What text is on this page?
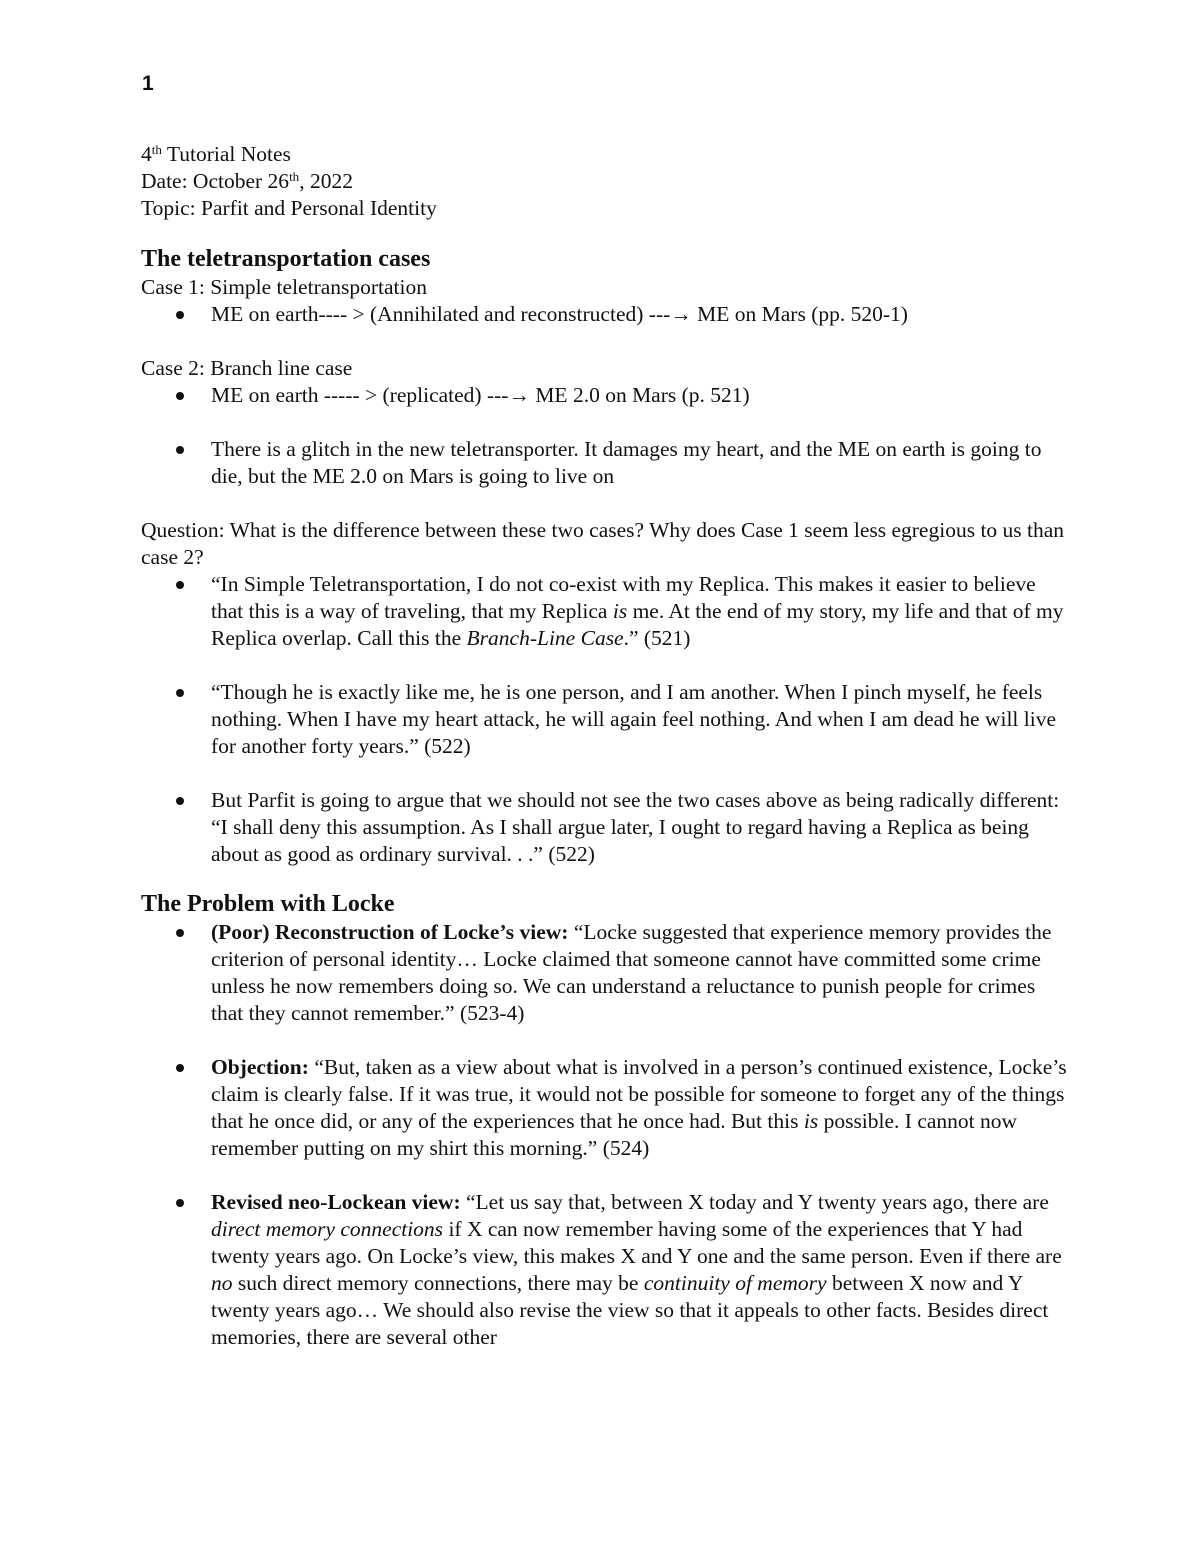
1

4th Tutorial Notes

Date: October 26th, 2022

Topic: Parfit and Personal Identity

The teletransportation cases

Case 1: Simple teletransportation

ME on earth---- > (Annihilated and reconstructed) ---→ ME on Mars (pp. 520-1)

Case 2: Branch line case

ME on earth ----- > (replicated) ---→ ME 2.0 on Mars (p. 521)
There is a glitch in the new teletransporter. It damages my heart, and the ME on earth is going to die, but the ME 2.0 on Mars is going to live on

Question: What is the difference between these two cases? Why does Case 1 seem less egregious to us than case 2?

“In Simple Teletransportation, I do not co-exist with my Replica. This makes it easier to believe that this is a way of traveling, that my Replica is me. At the end of my story, my life and that of my Replica overlap. Call this the Branch-Line Case.” (521)
“Though he is exactly like me, he is one person, and I am another. When I pinch myself, he feels nothing. When I have my heart attack, he will again feel nothing. And when I am dead he will live for another forty years.” (522)
But Parfit is going to argue that we should not see the two cases above as being radically different: “I shall deny this assumption. As I shall argue later, I ought to regard having a Replica as being about as good as ordinary survival. . .” (522)

The Problem with Locke

(Poor) Reconstruction of Locke’s view: “Locke suggested that experience memory provides the criterion of personal identity… Locke claimed that someone cannot have committed some crime unless he now remembers doing so. We can understand a reluctance to punish people for crimes that they cannot remember.” (523-4)
Objection: “But, taken as a view about what is involved in a person’s continued existence, Locke’s claim is clearly false. If it was true, it would not be possible for someone to forget any of the things that he once did, or any of the experiences that he once had. But this is possible. I cannot now remember putting on my shirt this morning.” (524)
Revised neo-Lockean view: “Let us say that, between X today and Y twenty years ago, there are direct memory connections if X can now remember having some of the experiences that Y had twenty years ago. On Locke’s view, this makes X and Y one and the same person. Even if there are no such direct memory connections, there may be continuity of memory between X now and Y twenty years ago… We should also revise the view so that it appeals to other facts. Besides direct memories, there are several other
